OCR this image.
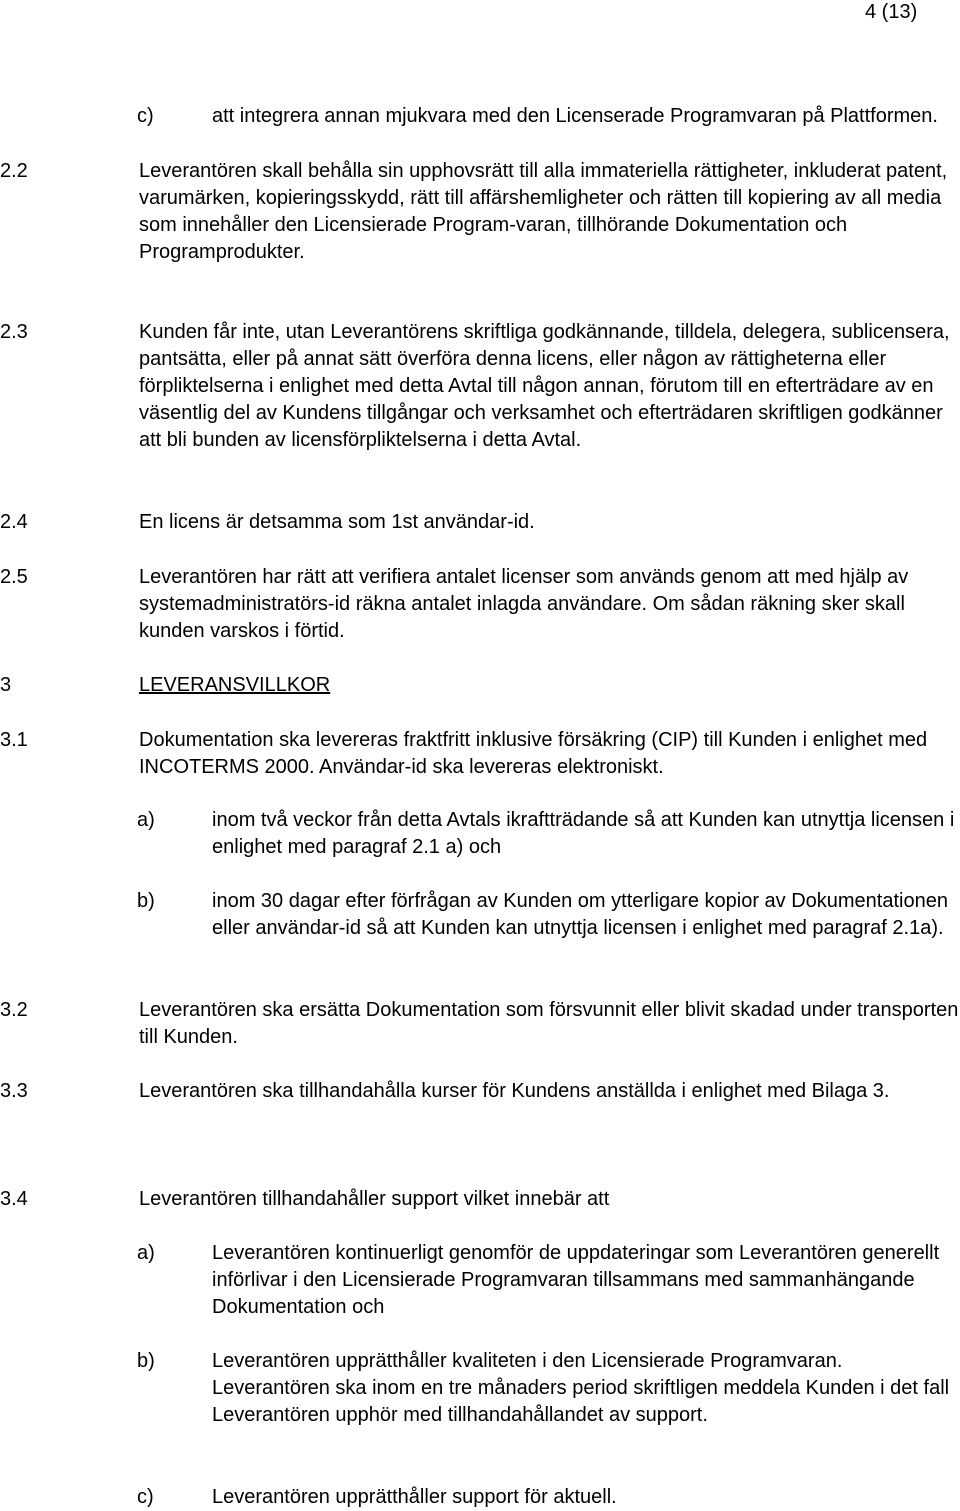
4 (13)
c)	att integrera annan mjukvara med den Licenserade Programvaran på Plattformen.
2.2	Leverantören skall behålla sin upphovsrätt till alla immateriella rättigheter, inkluderat patent, varumärken, kopieringsskydd, rätt till affärshemligheter och rätten till kopiering av all media som innehåller den Licensierade Program-varan, tillhörande Dokumentation och Programprodukter.
2.3	Kunden får inte, utan Leverantörens skriftliga godkännande, tilldela, delegera, sublicensera, pantsätta, eller på annat sätt överföra denna licens, eller någon av rättigheterna eller förpliktelserna i enlighet med detta Avtal till någon annan, förutom till en efterträdare av en väsentlig del av Kundens tillgångar och verksamhet och efterträdaren skriftligen godkänner att bli bunden av licensförpliktelserna i detta Avtal.
2.4	En licens är detsamma som 1st användar-id.
2.5	Leverantören har rätt att verifiera antalet licenser som används genom att med hjälp av systemadministratörs-id räkna antalet inlagda användare. Om sådan räkning sker skall kunden varskos i förtid.
3	LEVERANSVILLKOR
3.1	Dokumentation ska levereras fraktfritt inklusive försäkring (CIP) till Kunden i enlighet med INCOTERMS 2000. Användar-id ska levereras elektroniskt.
a)	inom två veckor från detta Avtals ikraftträdande så att Kunden kan utnyttja licensen i enlighet med paragraf 2.1 a) och
b)	inom 30 dagar efter förfrågan av Kunden om ytterligare kopior av Dokumentationen eller användar-id så att Kunden kan utnyttja licensen i enlighet med paragraf 2.1a).
3.2	Leverantören ska ersätta Dokumentation som försvunnit eller blivit skadad under transporten till Kunden.
3.3	Leverantören ska tillhandahålla kurser för Kundens anställda i enlighet med Bilaga 3.
3.4	Leverantören tillhandahåller support vilket innebär att
a)	Leverantören kontinuerligt genomför de uppdateringar som Leverantören generellt införlivar i den Licensierade Programvaran tillsammans med sammanhängande Dokumentation och
b)	Leverantören upprätthåller kvaliteten i den Licensierade Programvaran. Leverantören ska inom en tre månaders period skriftligen meddela Kunden i det fall Leverantören upphör med tillhandahållandet av support.
c)	Leverantören upprätthåller support för aktuell.
